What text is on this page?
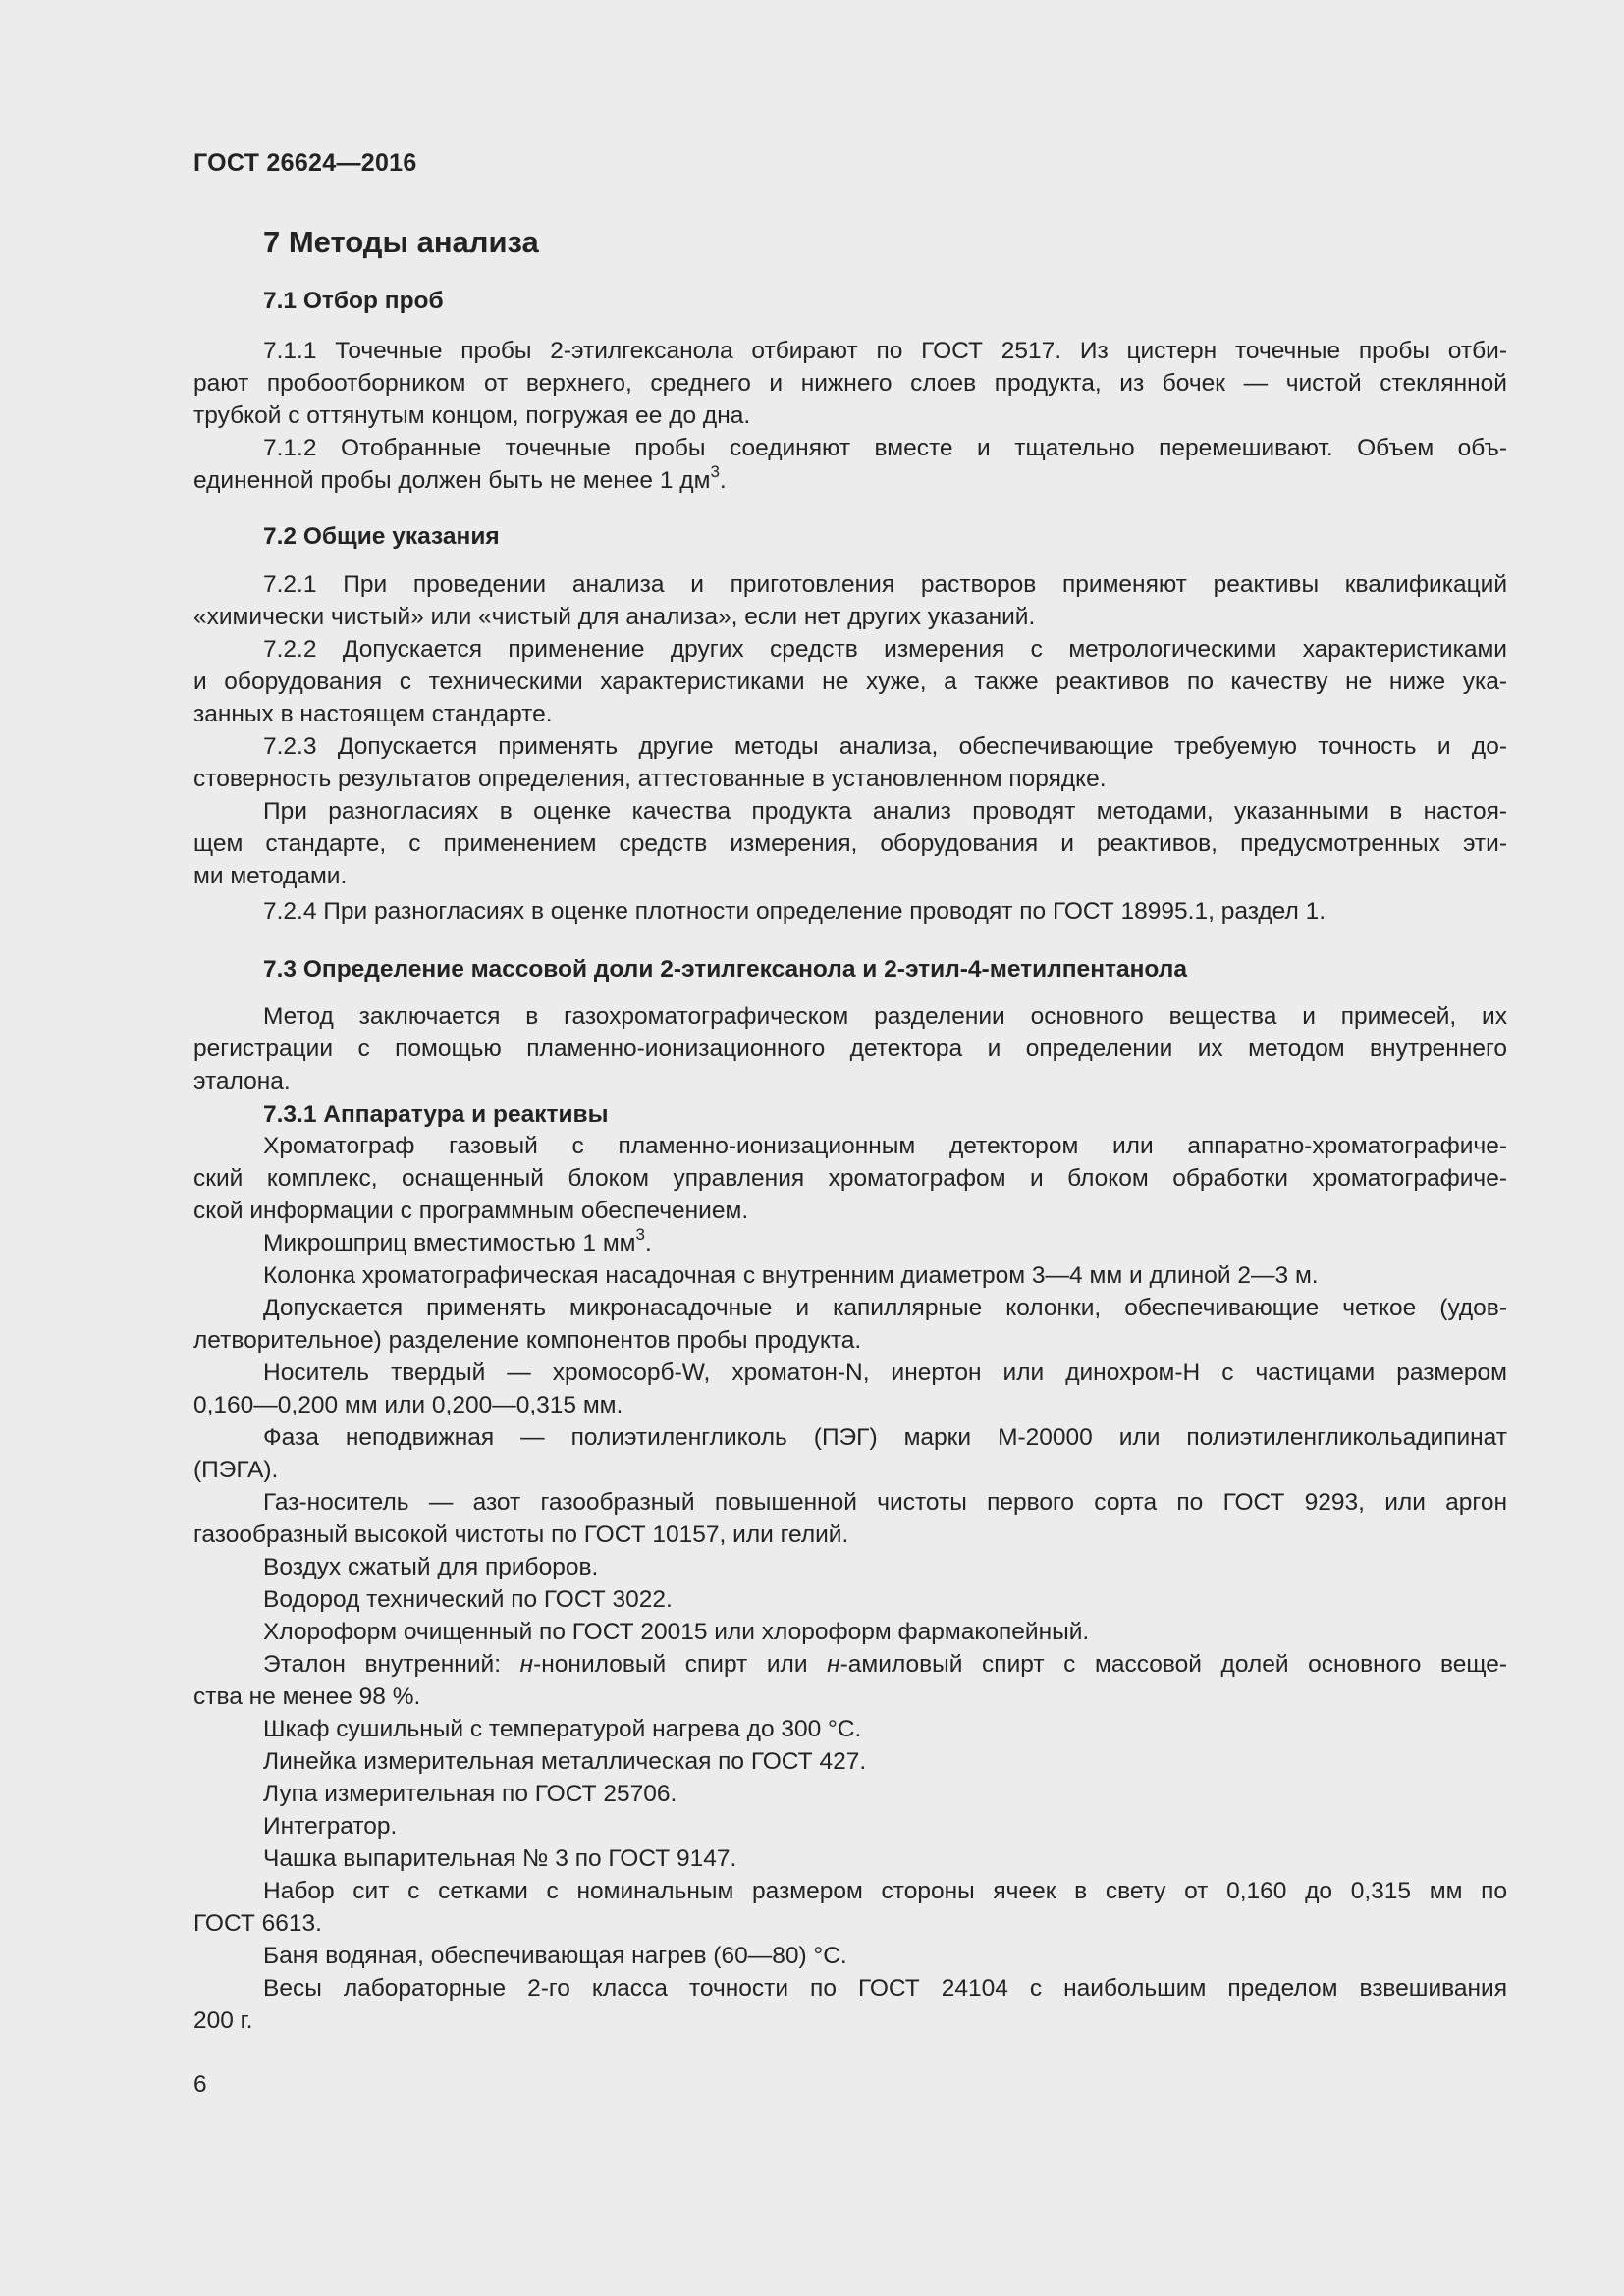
ГОСТ 26624—2016
7 Методы анализа
7.1 Отбор проб
7.1.1 Точечные пробы 2-этилгексанола отбирают по ГОСТ 2517. Из цистерн точечные пробы отби-
рают пробоотборником от верхнего, среднего и нижнего слоев продукта, из бочек — чистой стеклянной
трубкой с оттянутым концом, погружая ее до дна.
7.1.2 Отобранные точечные пробы соединяют вместе и тщательно перемешивают. Объем объ-
единенной пробы должен быть не менее 1 $дм^3$.
7.2 Общие указания
7.2.1 При проведении анализа и приготовления растворов применяют реактивы квалификаций
«химически чистый» или «чистый для анализа», если нет других указаний.
7.2.2 Допускается применение других средств измерения с метрологическими характеристиками
и оборудования с техническими характеристиками не хуже, а также реактивов по качеству не ниже ука-
занных в настоящем стандарте.
7.2.3 Допускается применять другие методы анализа, обеспечивающие требуемую точность и до-
стоверность результатов определения, аттестованные в установленном порядке.
При разногласиях в оценке качества продукта анализ проводят методами, указанными в настоя-
щем стандарте, с применением средств измерения, оборудования и реактивов, предусмотренных эти-
ми методами.
7.2.4 При разногласиях в оценке плотности определение проводят по ГОСТ 18995.1, раздел 1.
7.3 Определение массовой доли 2-этилгексанола и 2-этил-4-метилпентанола
Метод заключается в газохроматографическом разделении основного вещества и примесей, их
регистрации с помощью пламенно-ионизационного детектора и определении их методом внутреннего
эталона.
7.3.1 Аппаратура и реактивы
Хроматограф газовый с пламенно-ионизационным детектором или аппаратно-хроматографиче-
ский комплекс, оснащенный блоком управления хроматографом и блоком обработки хроматографиче-
ской информации с программным обеспечением.
Микрошприц вместимостью 1 $мм^3$.
Колонка хроматографическая насадочная с внутренним диаметром 3—4 мм и длиной 2—3 м.
Допускается применять микронасадочные и капиллярные колонки, обеспечивающие четкое (удов-
летворительное) разделение компонентов пробы продукта.
Носитель твердый — хромосорб-W, хроматон-N, инертон или динохром-Н с частицами размером
0,160—0,200 мм или 0,200—0,315 мм.
Фаза неподвижная — полиэтиленгликоль (ПЭГ) марки М-20000 или полиэтиленгликольадипинат
(ПЭГА).
Газ-носитель — азот газообразный повышенной чистоты первого сорта по ГОСТ 9293, или аргон
газообразный высокой чистоты по ГОСТ 10157, или гелий.
Воздух сжатый для приборов.
Водород технический по ГОСТ 3022.
Хлороформ очищенный по ГОСТ 20015 или хлороформ фармакопейный.
Эталон внутренний: н-нониловый спирт или н-амиловый спирт с массовой долей основного веще-
ства не менее 98 %.
Шкаф сушильный с температурой нагрева до 300 °С.
Линейка измерительная металлическая по ГОСТ 427.
Лупа измерительная по ГОСТ 25706.
Интегратор.
Чашка выпарительная № 3 по ГОСТ 9147.
Набор сит с сетками с номинальным размером стороны ячеек в свету от 0,160 до 0,315 мм по
ГОСТ 6613.
Баня водяная, обеспечивающая нагрев (60—80) °С.
Весы лабораторные 2-го класса точности по ГОСТ 24104 с наибольшим пределом взвешивания
200 г.
6
